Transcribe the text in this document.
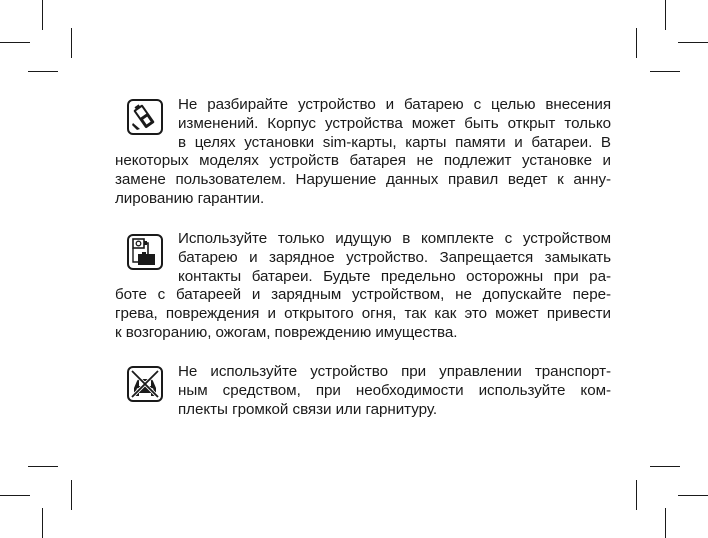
Не разбирайте устройство и батарею с целью внесения
изменений. Корпус устройства может быть открыт только
в целях установки sim-карты, карты памяти и батареи. В
некоторых моделях устройств батарея не подлежит установке и
замене пользователем. Нарушение данных правил ведет к анну-
лированию гарантии.

Используйте только идущую в комплекте с устройством
батарею и зарядное устройство. Запрещается замыкать
контакты батареи. Будьте предельно осторожны при ра-
боте с батареей и зарядным устройством, не допускайте пере-
грева, повреждения и открытого огня, так как это может привести
к возгоранию, ожогам, повреждению имущества.

Не используйте устройство при управлении транспорт-
ным средством, при необходимости используйте ком-
плекты громкой связи или гарнитуру.
